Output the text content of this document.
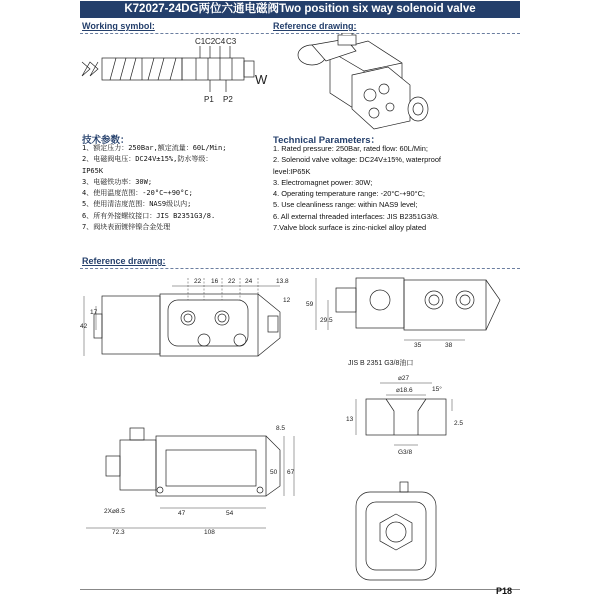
K72027-24DG两位六通电磁阀Two position six way solenoid valve
Working symbol:	Reference drawing:
C1 C2 C4 C3
P1 P2
W
技术参数：	Technical Parameters：
1、额定压力：250Bar,额定流量：60L/Min;
2、电磁阀电压：DC24V±15%,防水等级：
IP65K
3、电磁铁功率：30W;
4、使用温度范围：-20°C~+90°C;
5、使用清洁度范围：NAS9级以内;
6、所有外接螺纹接口：JIS B2351G3/8.
7、阀块表面镀锌镍合金处理
1. Rated pressure: 250Bar, rated flow: 60L/Min;
2. Solenoid valve voltage: DC24V±15%, waterproof
level:IP65K
3. Electromagnet power: 30W;
4. Operating temperature range: -20°C-+90°C;
5. Use cleanliness range: within NAS9 level;
6. All external threaded interfaces: JIS B2351G3/8.
7.Valve block surface is zinc-nickel alloy plated
Reference drawing:
22 16 22 24	13.8
12
17
42
59
29.5
35	38
8.5
50 67
2X⌀8.5	47	54
72.3	108
JIS B 2351 G3/8油口
⌀18.6	15°
13
2.5
G3/8
⌀27
P18
